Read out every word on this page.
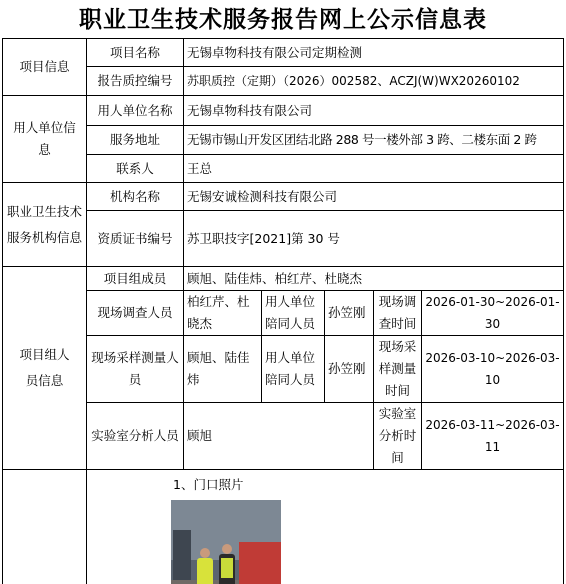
职业卫生技术服务报告网上公示信息表
项目信息	项目名称	无锡卓物科技有限公司定期检测				
	报告质控编号	苏职质控（定期）（2026）002582、ACZJ(W)WX20260102				
用人单位信息	用人单位名称	无锡卓物科技有限公司				
	服务地址	无锡市锡山开发区团结北路 288 号一楼外部 3 跨、二楼东面 2 跨				
	联系人	王总				
职业卫生技术服务机构信息	机构名称	无锡安诚检测科技有限公司				
	资质证书编号	苏卫职技字[2021]第 30 号				
项目组人员信息	项目组成员	顾旭、陆佳炜、柏红芹、杜晓杰				
	现场调查人员	柏红芹、杜晓杰	用人单位陪同人员	孙笠刚	现场调查时间	2026-01-30~2026-01-30
	现场采样测量人员	顾旭、陆佳炜	用人单位陪同人员	孙笠刚	现场采样测量时间	2026-03-10~2026-03-10
	实验室分析人员	顾旭			实验室分析时间	2026-03-11~2026-03-11

	1、门口照片					
